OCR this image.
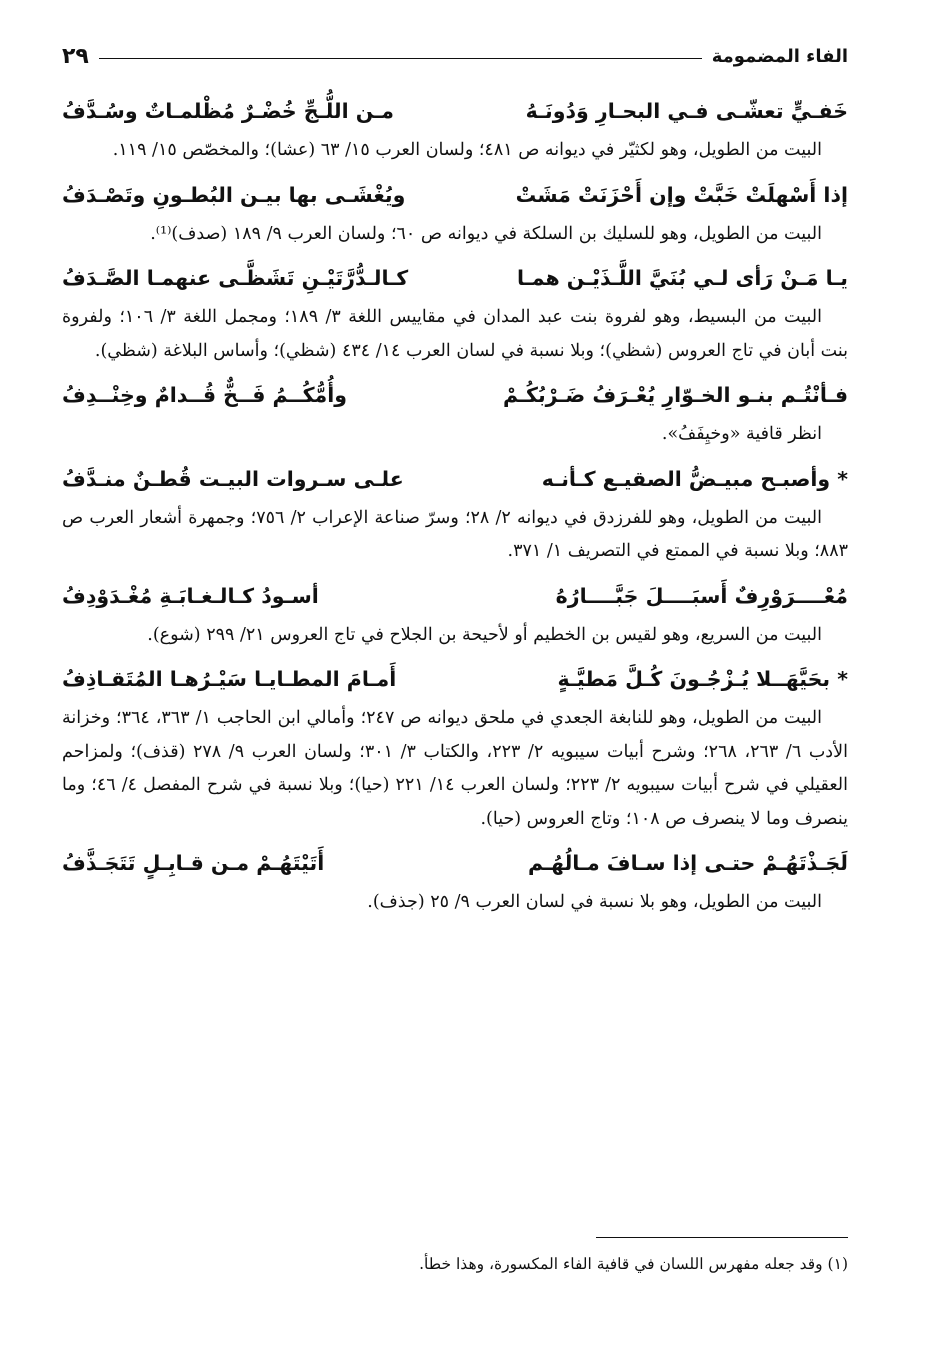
الفاء المضمومة
٢٩
خَفـيٍّ تعشّـى فـي البحـارِ وَدُونَـهُ
مـن اللُّـجِّ خُضْـرٌ مُظْلمـاتٌ وسُـدَّفُ
البيت من الطويل، وهو لكثيّر في ديوانه ص ٤٨١؛ ولسان العرب ١٥/ ٦٣ (عشا)؛ والمخصّص ١٥/ ١١٩.
إذا أَسْهلَتْ خَبَّتْ وإن أَحْزَنَتْ مَشَتْ
ويُغْشَـى بها بيـن البُطـونِ وتَصْـدَفُ
البيت من الطويل، وهو للسليك بن السلكة في ديوانه ص ٦٠؛ ولسان العرب ٩/ ١٨٩ (صدف)⁽¹⁾.
يـا مَـنْ رَأى لـي بُنَيَّ اللَّـذَيْـن همـا
كـالـدُّرَّتَيْـنِ تَشَظَّـى عنهمـا الصَّـدَفُ
البيت من البسيط، وهو لفروة بنت عبد المدان في مقاييس اللغة ٣/ ١٨٩؛ ومجمل اللغة ٣/ ١٠٦؛ ولفروة بنت أبان في تاج العروس (شظي)؛ وبلا نسبة في لسان العرب ١٤/ ٤٣٤ (شظي)؛ وأساس البلاغة (شظي).
فـأنْتُـم بنـو الخـوّارِ يُعْـرَفُ ضَـرْبُكُـمْ
وأُمُّكُــمُ فَــخٌّ قُــدامٌ وخِنْــدِفُ
انظر قافية «وخيِفَفُ».
* وأصبـح مبيـضُّ الصقيـع كـأنـه
علـى سـروات البيـت قُطـنٌ منـدَّفُ
البيت من الطويل، وهو للفرزدق في ديوانه ٢/ ٢٨؛ وسرّ صناعة الإعراب ٢/ ٧٥٦؛ وجمهرة أشعار العرب ص ٨٨٣؛ وبلا نسبة في الممتع في التصريف ١/ ٣٧١.
مُعْــــرَوْرِفٌ أَسبَــــلَ جَبَّــــارُهُ
أسـودُ كـالـغـابَـةِ مُغْـدَوْدِفُ
البيت من السريع، وهو لقيس بن الخطيم أو لأحيحة بن الجلاح في تاج العروس ٢١/ ٢٩٩ (شوع).
* بحَيَّهَــلا يُـزْجُـونَ كُـلَّ مَطيَّـةٍ
أَمـامَ المطـايـا سَيْـرُهـا المُتَقـاذِفُ
البيت من الطويل، وهو للنابغة الجعدي في ملحق ديوانه ص ٢٤٧؛ وأمالي ابن الحاجب ١/ ٣٦٣، ٣٦٤؛ وخزانة الأدب ٦/ ٢٦٣، ٢٦٨؛ وشرح أبيات سيبويه ٢/ ٢٢٣، والكتاب ٣/ ٣٠١؛ ولسان العرب ٩/ ٢٧٨ (قذف)؛ ولمزاحم العقيلي في شرح أبيات سيبويه ٢/ ٢٢٣؛ ولسان العرب ١٤/ ٢٢١ (حيا)؛ وبلا نسبة في شرح المفصل ٤/ ٤٦؛ وما ينصرف وما لا ينصرف ص ١٠٨؛ وتاج العروس (حيا).
لَجَـذْتَهُـمْ حتـى إذا سـافَ مـالُهُـم
أَتَيْتَهُـمْ مـن قـابِـلٍ تَتَجَـذَّفُ
البيت من الطويل، وهو بلا نسبة في لسان العرب ٩/ ٢٥ (جذف).
(١) وقد جعله مفهرس اللسان في قافية الفاء المكسورة، وهذا خطأ.
